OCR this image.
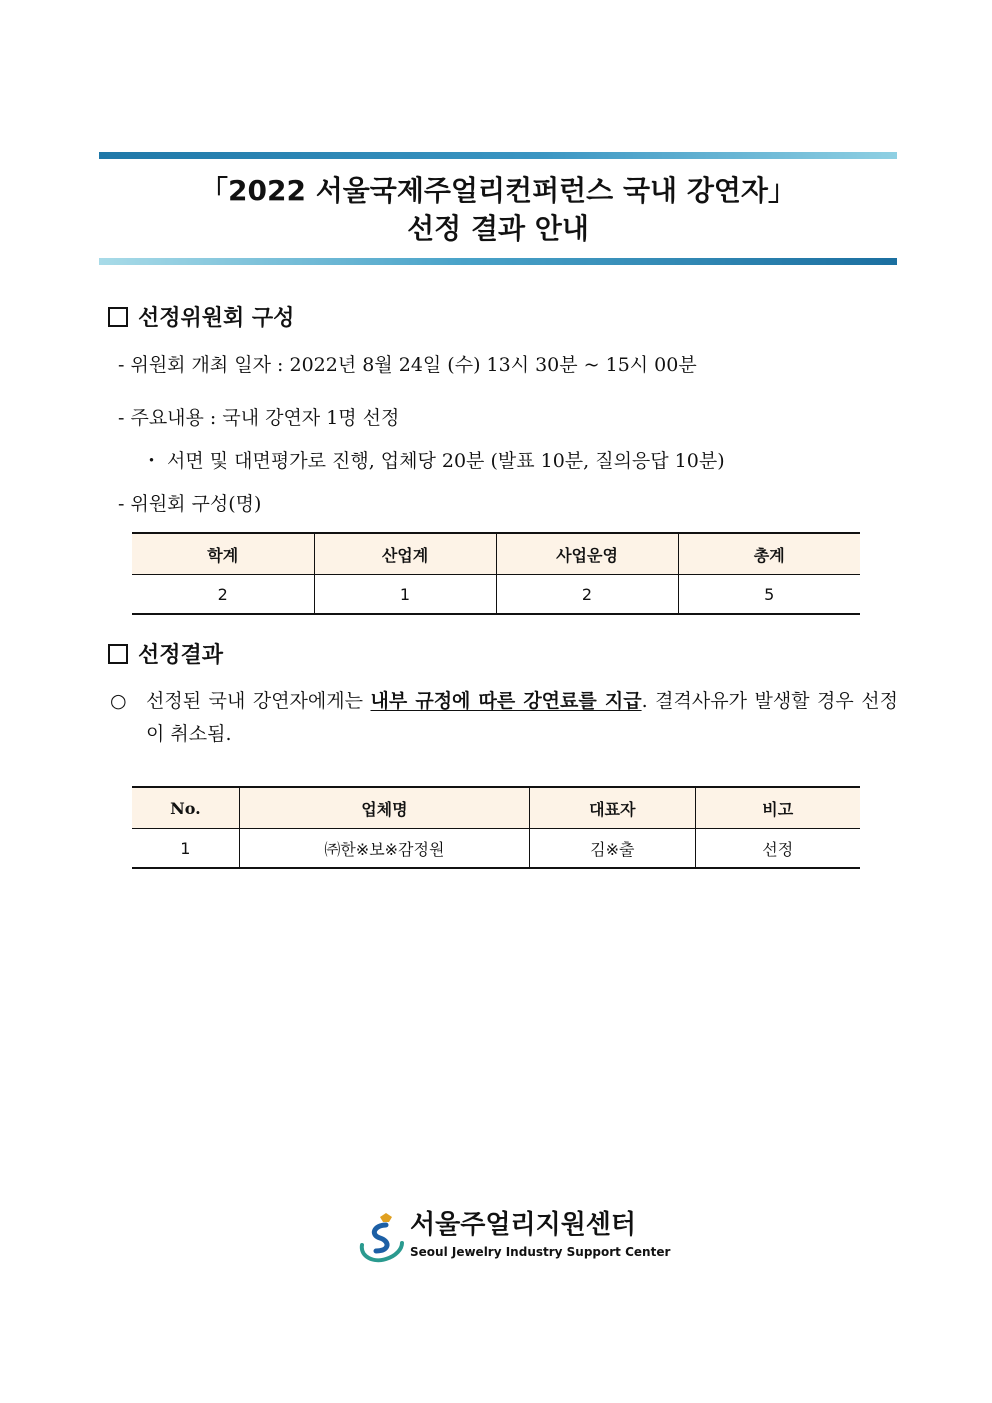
「2022 서울국제주얼리컨퍼런스 국내 강연자」
선정 결과 안내
선정위원회 구성
- 위원회 개최 일자 : 2022년 8월 24일 (수) 13시 30분 ~ 15시 00분
- 주요내용 : 국내 강연자 1명 선정
・ 서면 및 대면평가로 진행, 업체당 20분 (발표 10분, 질의응답 10분)
- 위원회 구성(명)
학계	산업계	사업운영	총계
2	1	2	5
선정결과
○	선정된 국내 강연자에게는 내부 규정에 따른 강연료를 지급. 결격사유가 발생할 경우 선정이 취소됨.
No.	업체명	대표자	비고
1	㈜한※보※감정원	김※출	선정
서울주얼리지원센터
Seoul Jewelry Industry Support Center
